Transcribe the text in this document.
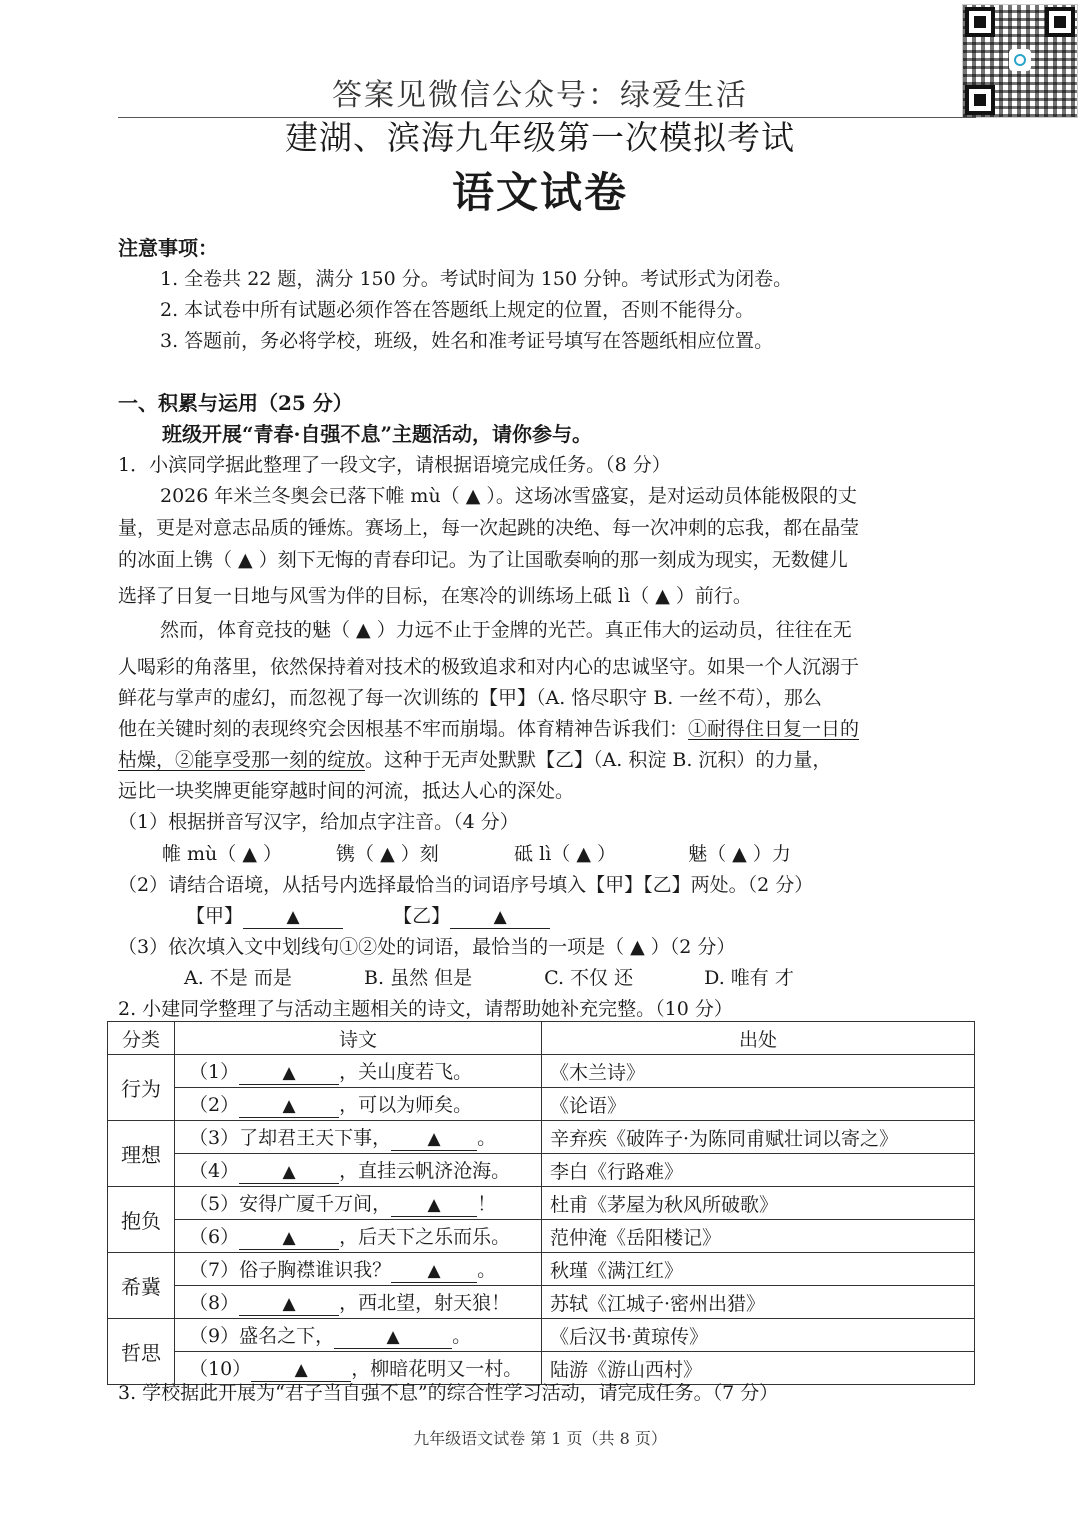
答案见微信公众号：绿爱生活
建湖、滨海九年级第一次模拟考试
语文试卷
注意事项：
1. 全卷共 22 题，满分 150 分。考试时间为 150 分钟。考试形式为闭卷。
2. 本试卷中所有试题必须作答在答题纸上规定的位置，否则不能得分。
3. 答题前，务必将学校，班级，姓名和准考证号填写在答题纸相应位置。
一、积累与运用（25 分）
班级开展“青春·自强不息”主题活动，请你参与。
1．小滨同学据此整理了一段文字，请根据语境完成任务。（8 分）
2026 年米兰冬奥会已落下帷 mù（ ▲ ）。这场冰雪盛宴，是对运动员体能极限的丈
量，更是对意志品质的锤炼。赛场上，每一次起跳的决绝、每一次冲刺的忘我，都在晶莹
的冰面上镌（ ▲ ）刻下无悔的青春印记。为了让国歌奏响的那一刻成为现实，无数健儿
选择了日复一日地与风雪为伴的目标，在寒冷的训练场上砥 lì（ ▲ ）前行。
然而，体育竞技的魅（ ▲ ）力远不止于金牌的光芒。真正伟大的运动员，往往在无
人喝彩的角落里，依然保持着对技术的极致追求和对内心的忠诚坚守。如果一个人沉溺于
鲜花与掌声的虚幻，而忽视了每一次训练的【甲】（A. 恪尽职守 B. 一丝不苟），那么
他在关键时刻的表现终究会因根基不牢而崩塌。体育精神告诉我们：①耐得住日复一日的
枯燥，②能享受那一刻的绽放。这种于无声处默默【乙】（A. 积淀 B. 沉积）的力量，
远比一块奖牌更能穿越时间的河流，抵达人心的深处。
（1）根据拼音写汉字，给加点字注音。（4 分）
帷 mù（ ▲ ）	镌（ ▲ ）刻	砥 lì（ ▲ ）	魅（ ▲ ）力
（2）请结合语境，从括号内选择最恰当的词语序号填入【甲】【乙】两处。（2 分）
【甲】	▲	【乙】	▲
（3）依次填入文中划线句①②处的词语，最恰当的一项是（ ▲ ）（2 分）
A. 不是 而是	B. 虽然 但是	C. 不仅 还	D. 唯有 才
2. 小建同学整理了与活动主题相关的诗文，请帮助她补充完整。（10 分）
分类	诗文	出处
行为	（1） ▲ ，关山度若飞。	《木兰诗》
	（2） ▲ ，可以为师矣。	《论语》
理想	（3）了却君王天下事， ▲ 。	辛弃疾《破阵子·为陈同甫赋壮词以寄之》
	（4） ▲ ，直挂云帆济沧海。	李白《行路难》
抱负	（5）安得广厦千万间， ▲ ！	杜甫《茅屋为秋风所破歌》
	（6） ▲ ，后天下之乐而乐。	范仲淹《岳阳楼记》
希冀	（7）俗子胸襟谁识我？ ▲ 。	秋瑾《满江红》
	（8） ▲ ，西北望，射天狼！	苏轼《江城子·密州出猎》
哲思	（9）盛名之下， ▲ 。	《后汉书·黄琼传》
	（10） ▲ ，柳暗花明又一村。	陆游《游山西村》
3. 学校据此开展为“君子当自强不息”的综合性学习活动，请完成任务。（7 分）
九年级语文试卷 第 1 页（共 8 页）
